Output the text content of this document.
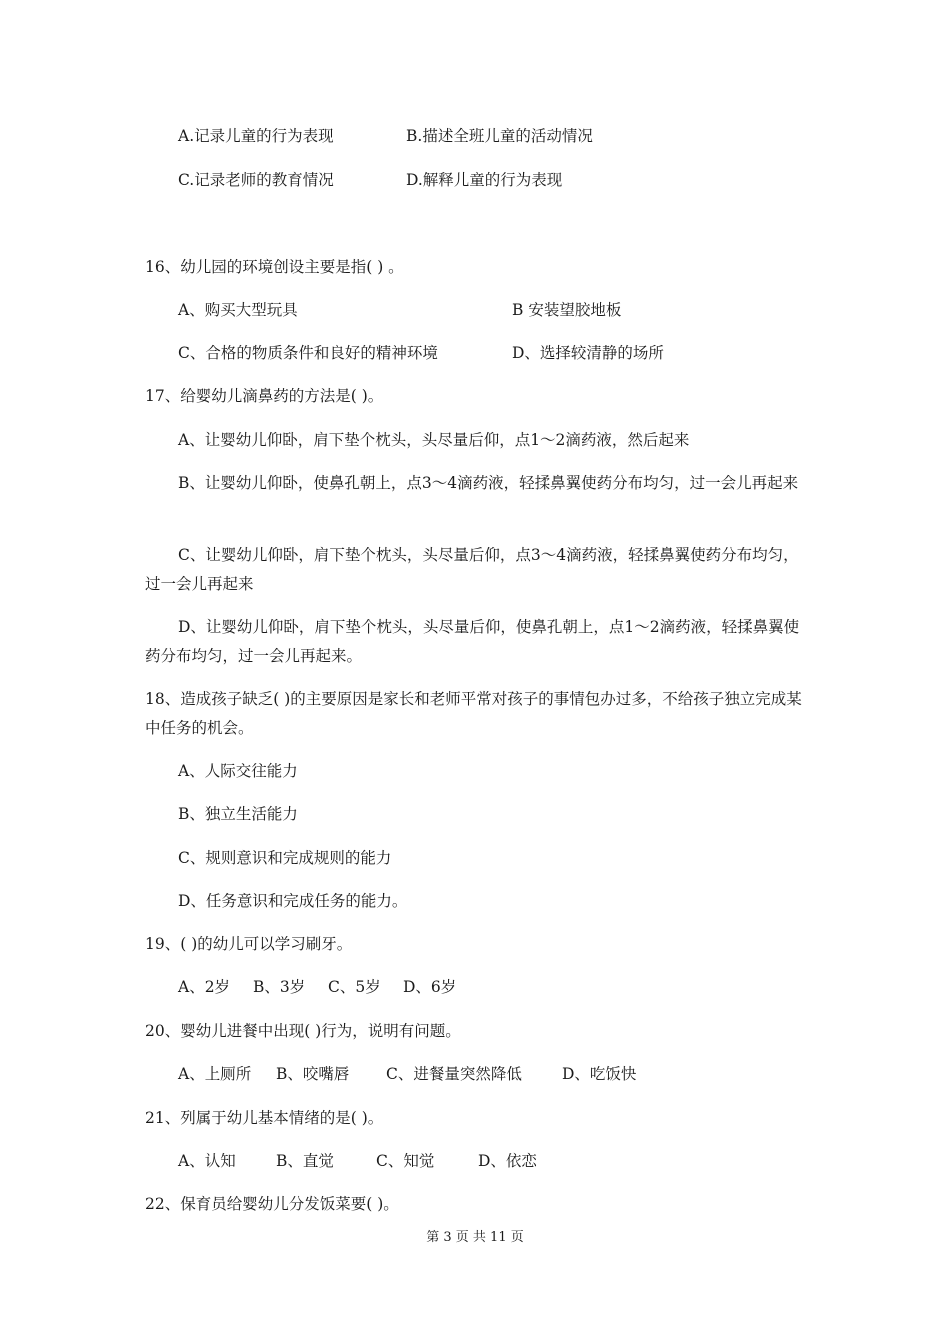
A.记录儿童的行为表现	B.描述全班儿童的活动情况
C.记录老师的教育情况	D.解释儿童的行为表现
16、幼儿园的环境创设主要是指( ) 。
A、购买大型玩具	B 安装望胶地板
C、合格的物质条件和良好的精神环境	D、选择较清静的场所
17、给婴幼儿滴鼻药的方法是( )。
A、让婴幼儿仰卧，肩下垫个枕头，头尽量后仰，点1～2滴药液，然后起来
B、让婴幼儿仰卧，使鼻孔朝上，点3～4滴药液，轻揉鼻翼使药分布均匀，过一会儿再起来
C、让婴幼儿仰卧，肩下垫个枕头，头尽量后仰，点3～4滴药液，轻揉鼻翼使药分布均匀，过一会儿再起来
D、让婴幼儿仰卧，肩下垫个枕头，头尽量后仰，使鼻孔朝上，点1～2滴药液，轻揉鼻翼使药分布均匀，过一会儿再起来。
18、造成孩子缺乏( )的主要原因是家长和老师平常对孩子的事情包办过多，不给孩子独立完成某中任务的机会。
A、人际交往能力
B、独立生活能力
C、规则意识和完成规则的能力
D、任务意识和完成任务的能力。
19、( )的幼儿可以学习刷牙。
A、2岁 B、3岁 C、5岁 D、6岁
20、婴幼儿进餐中出现( )行为，说明有问题。
A、上厕所 B、咬嘴唇 C、进餐量突然降低	D、吃饭快
21、列属于幼儿基本情绪的是( )。
A、认知	B、直觉	C、知觉	D、依恋
22、保育员给婴幼儿分发饭菜要( )。
第 3 页 共 11 页
